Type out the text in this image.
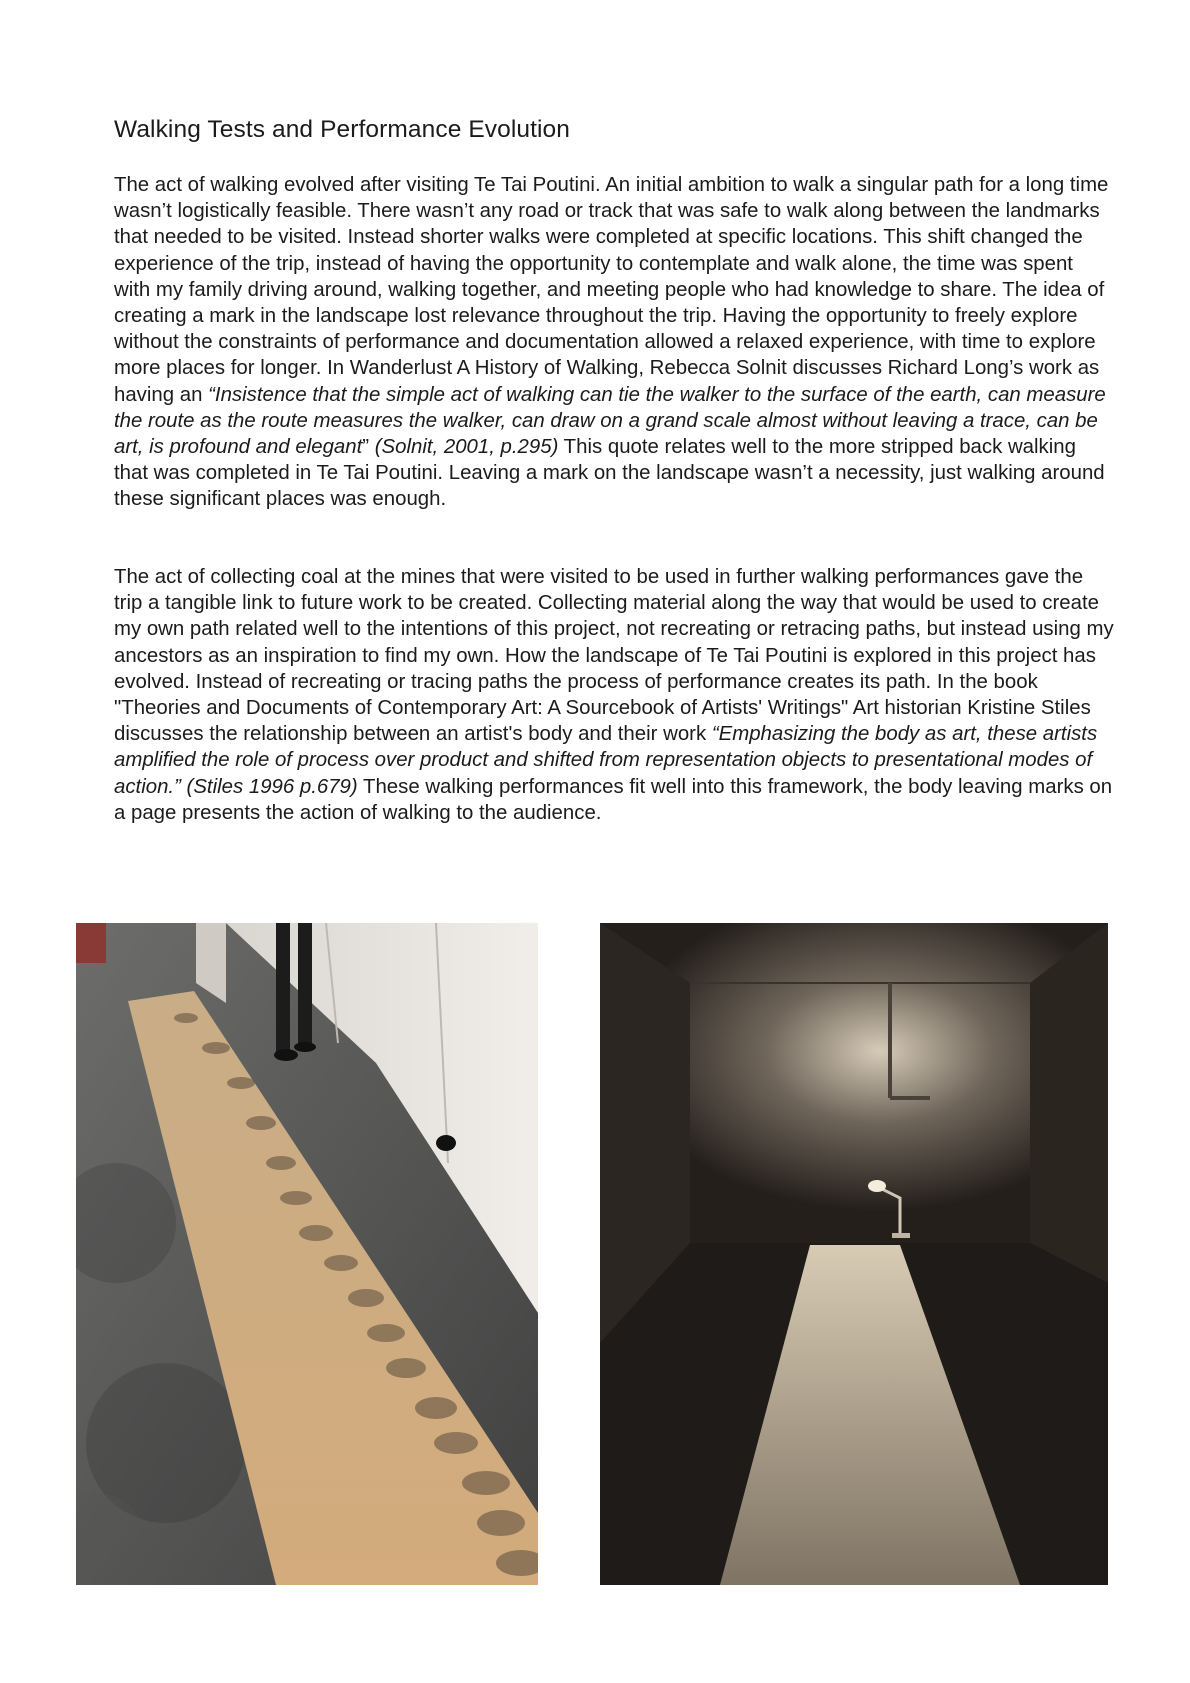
Walking Tests and Performance Evolution

The act of walking evolved after visiting Te Tai Poutini. An initial ambition to walk a singular path for a long time wasn’t logistically feasible. There wasn’t any road or track that was safe to walk along between the landmarks that needed to be visited. Instead shorter walks were completed at specific locations. This shift changed the experience of the trip, instead of having the opportunity to contemplate and walk alone, the time was spent with my family driving around, walking together, and meeting people who had knowledge to share. The idea of creating a mark in the landscape lost relevance throughout the trip. Having the opportunity to freely explore without the constraints of performance and documentation allowed a relaxed experience, with time to explore more places for longer. In Wanderlust A History of Walking, Rebecca Solnit discusses Richard Long’s work as having an “Insistence that the simple act of walking can tie the walker to the surface of the earth, can measure the route as the route measures the walker, can draw on a grand scale almost without leaving a trace, can be art, is profound and elegant” (Solnit, 2001, p.295) This quote relates well to the more stripped back walking that was completed in Te Tai Poutini. Leaving a mark on the landscape wasn’t a necessity, just walking around these significant places was enough.

The act of collecting coal at the mines that were visited to be used in further walking performances gave the trip a tangible link to future work to be created. Collecting material along the way that would be used to create my own path related well to the intentions of this project, not recreating or retracing paths, but instead using my ancestors as an inspiration to find my own. How the landscape of Te Tai Poutini is explored in this project has evolved. Instead of recreating or tracing paths the process of performance creates its path. In the book "Theories and Documents of Contemporary Art: A Sourcebook of Artists' Writings" Art historian Kristine Stiles discusses the relationship between an artist's body and their work “Emphasizing the body as art, these artists amplified the role of process over product and shifted from representation objects to presentational modes of action.” (Stiles 1996 p.679) These walking performances fit well into this framework, the body leaving marks on a page presents the action of walking to the audience.
